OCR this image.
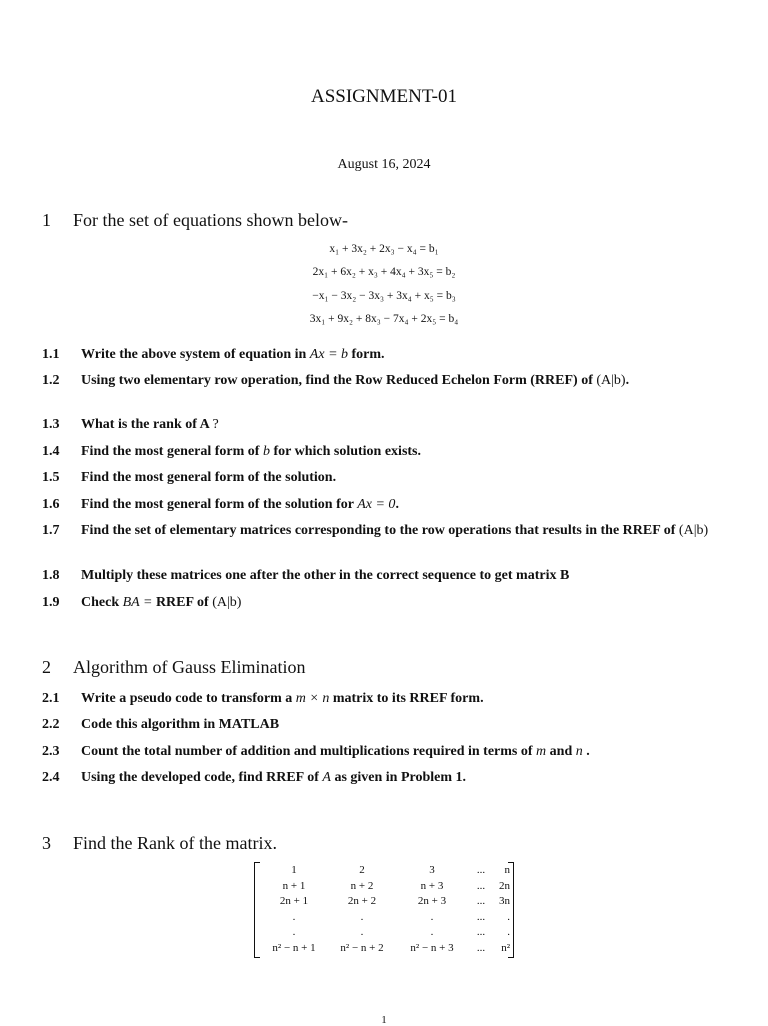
ASSIGNMENT-01
August 16, 2024
1 For the set of equations shown below-
x₁ + 3x₂ + 2x₃ − x₄ = b₁
2x₁ + 6x₂ + x₃ + 4x₄ + 3x₅ = b₂
−x₁ − 3x₂ − 3x₃ + 3x₄ + x₅ = b₃
3x₁ + 9x₂ + 8x₃ − 7x₄ + 2x₅ = b₄
1.1	Write the above system of equation in Ax = b form.
1.2	Using two elementary row operation, find the Row Reduced Echelon Form (RREF) of (A|b).
1.3	What is the rank of A ?
1.4	Find the most general form of b for which solution exists.
1.5	Find the most general form of the solution.
1.6	Find the most general form of the solution for Ax = 0.
1.7	Find the set of elementary matrices corresponding to the row operations that results in the RREF of (A|b)
1.8	Multiply these matrices one after the other in the correct sequence to get matrix B
1.9	Check BA = RREF of (A|b)
2 Algorithm of Gauss Elimination
2.1	Write a pseudo code to transform a m × n matrix to its RREF form.
2.2	Code this algorithm in MATLAB
2.3	Count the total number of addition and multiplications required in terms of m and n .
2.4	Using the developed code, find RREF of A as given in Problem 1.
3 Find the Rank of the matrix.
1	2	3	...	n
n + 1	n + 2	n + 3	...	2n
2n + 1	2n + 2	2n + 3	...	3n
.	.	.	...	.
.	.	.	...	.
n² − n + 1	n² − n + 2	n² − n + 3	...	n²
1
